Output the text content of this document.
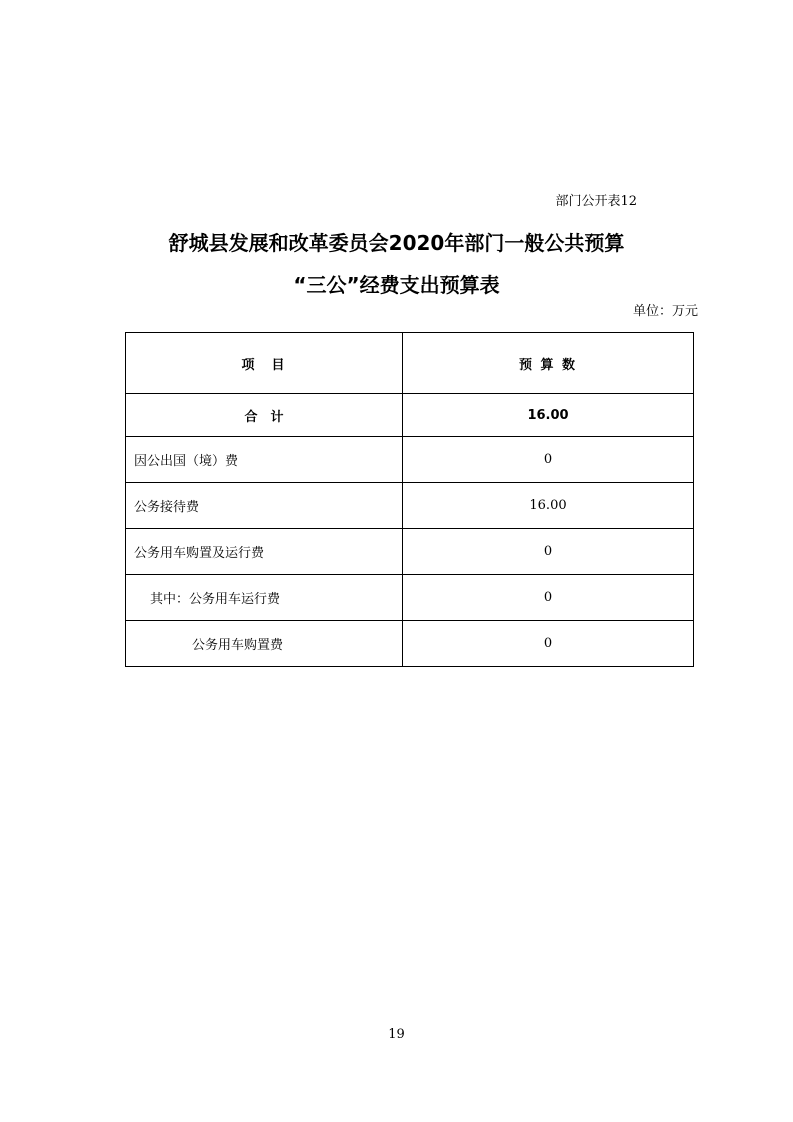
部门公开表12
舒城县发展和改革委员会2020年部门一般公共预算
“三公”经费支出预算表
单位：万元
项　目	预 算 数
合　计	16.00
因公出国（境）费	0
公务接待费	16.00
公务用车购置及运行费	0
其中：公务用车运行费	0
公务用车购置费	0
19
